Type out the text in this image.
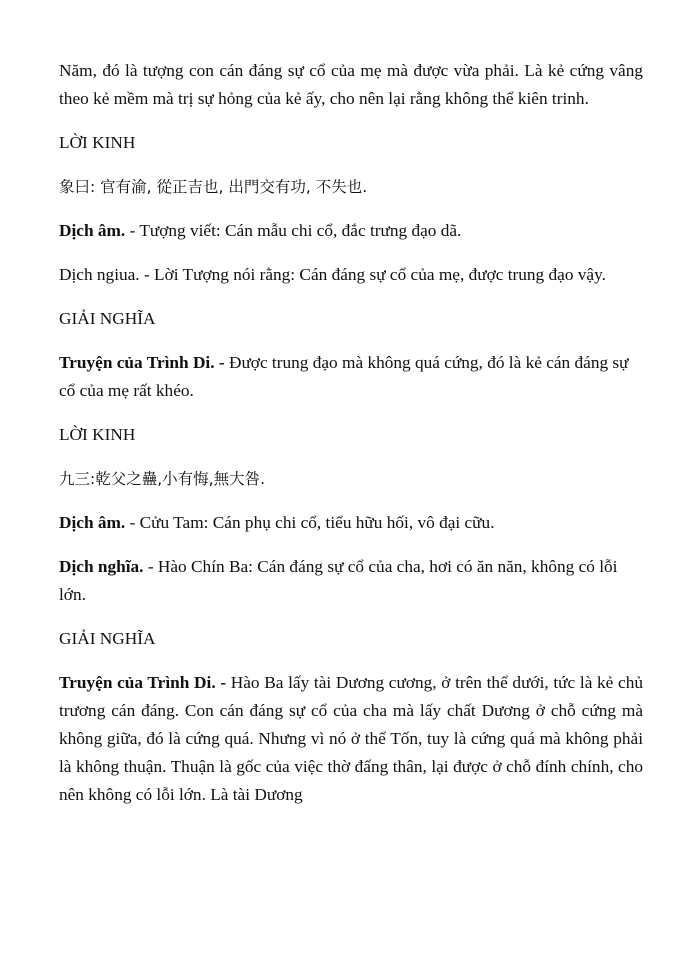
Năm, đó là tượng con cán đáng sự cổ của mẹ mà được vừa phải. Là kẻ cứng vâng theo kẻ mềm mà trị sự hỏng của kẻ ấy, cho nên lại rằng không thể kiên trinh.

LỜI KINH

象曰: 官有渝, 從正吉也, 出門交有功, 不失也.

Dịch âm. - Tượng viết: Cán mẫu chi cổ, đắc trưng đạo dã.

Dịch ngiua. - Lời Tượng nói rằng: Cán đáng sự cổ của mẹ, được trung đạo vậy.

GIẢI NGHĨA

Truyện của Trình Di. - Được trung đạo mà không quá cứng, đó là kẻ cán đáng sự cổ của mẹ rất khéo.

LỜI KINH

九三:乾父之蠱,小有悔,無大咎.

Dịch âm. - Cửu Tam: Cán phụ chi cổ, tiểu hữu hối, vô đại cữu.

Dịch nghĩa. - Hào Chín Ba: Cán đáng sự cổ của cha, hơi có ăn năn, không có lỗi lớn.

GIẢI NGHĨA

Truyện của Trình Di. - Hào Ba lấy tài Dương cương, ở trên thể dưới, tức là kẻ chủ trương cán đáng. Con cán đáng sự cổ của cha mà lấy chất Dương ở chỗ cứng mà không giữa, đó là cứng quá. Nhưng vì nó ở thể Tốn, tuy là cứng quá mà không phải là không thuận. Thuận là gốc của việc thờ đấng thân, lại được ở chỗ đính chính, cho nên không có lỗi lớn. Là tài Dương
